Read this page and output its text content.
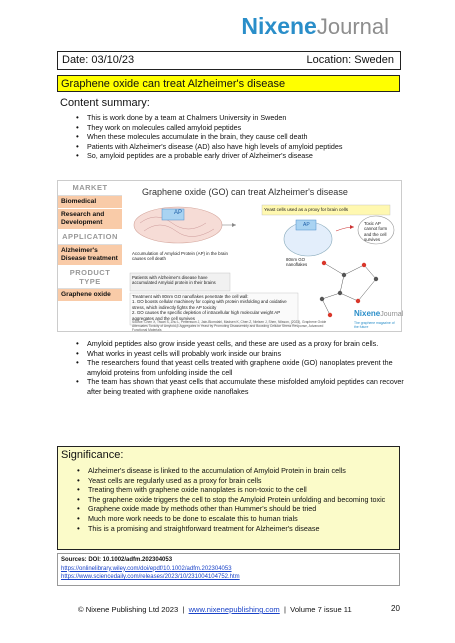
NixeneJournal
Date: 03/10/23	Location: Sweden
Graphene oxide can treat Alzheimer's disease
Content summary:
• This is work done by a team at Chalmers University in Sweden
• They work on molecules called amyloid peptides
• When these molecules accumulate in the brain, they cause cell death
• Patients with Alzheimer's disease (AD) also have high levels of amyloid peptides
• So, amyloid peptides are a probable early driver of Alzheimer's disease
MARKET
Biomedical
Research and Development
APPLICATION
Alzheimer's Disease treatment
PRODUCT TYPE
Graphene oxide
Graphene oxide (GO) can treat Alzheimer's disease
AP
Yeast cells used as a proxy for brain cells
AP
80nm GO nanoflakes
Toxic AP cannot form and the cell survives
Accumulation of Amyloid Protein (AP) in the brain causes cell death
Patients with Alzheimer's disease have accumulated Amyloid protein in their brains
Treatment with 80nm GO nanoflakes penetrate the cell wall:
1. GO boosts cellular machinery for coping with protein misfolding and oxidative stress, which indirectly fights the AP toxicity
2. GO causes the specific depletion of intracellular high molecular weight AP aggregates and the cell survives
Source: Chen X, Tiwari S, Zhu L, Pettersson J, Jain-Blomdahl, Madsen K, Chen Z, Nielsen J, Shen, Nilsson, (2023), Graphene Oxide Attenuates Toxicity of Amyloid-β Aggregates in Yeast by Promoting Disassembly and Boosting Cellular Stress Response, Advanced Functional Materials
NixeneJournal
The graphene magazine of the future
• Amyloid peptides also grow inside yeast cells, and these are used as a proxy for brain cells.
• What works in yeast cells will probably work inside our brains
• The researchers found that yeast cells treated with graphene oxide (GO) nanoplates prevent the amyloid proteins from unfolding inside the cell
• The team has shown that yeast cells that accumulate these misfolded amyloid peptides can recover after being treated with graphene oxide nanoflakes
Significance:
• Alzheimer's disease is linked to the accumulation of Amyloid Protein in brain cells
• Yeast cells are regularly used as a proxy for brain cells
• Treating them with graphene oxide nanoplates is non-toxic to the cell
• The graphene oxide triggers the cell to stop the Amyloid Protein unfolding and becoming toxic
• Graphene oxide made by methods other than Hummer's should be tried
• Much more work needs to be done to escalate this to human trials
• This is a promising and straightforward treatment for Alzheimer's disease
Sources: DOI: 10.1002/adfm.202304053
https://onlinelibrary.wiley.com/doi/epdf/10.1002/adfm.202304053
https://www.sciencedaily.com/releases/2023/10/231004104752.htm
© Nixene Publishing Ltd 2023  |  www.nixenepublishing.com  |  Volume 7 issue 11	20
